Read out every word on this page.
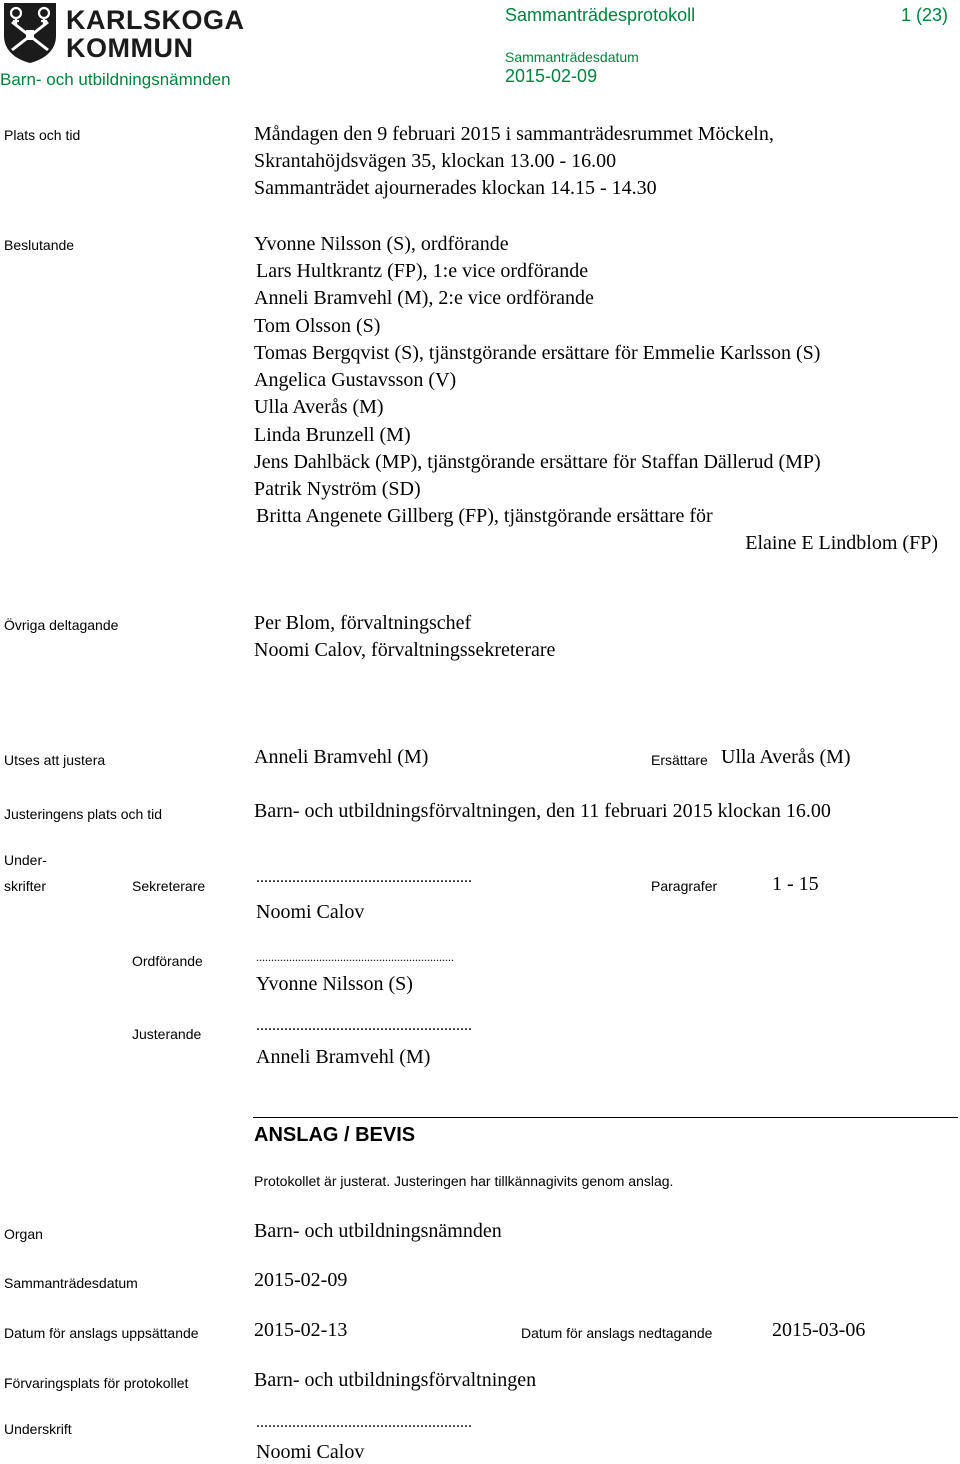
KARLSKOGA
KOMMUN
Barn- och utbildningsnämnden
Sammanträdesprotokoll	1 (23)
Sammanträdesdatum
2015-02-09
Plats och tid	Måndagen den 9 februari 2015 i sammanträdesrummet Möckeln,
Skrantahöjdsvägen 35, klockan 13.00 - 16.00
Sammanträdet ajournerades klockan 14.15 - 14.30
Beslutande	Yvonne Nilsson (S), ordförande
Lars Hultkrantz (FP), 1:e vice ordförande
Anneli Bramvehl (M), 2:e vice ordförande
Tom Olsson (S)
Tomas Bergqvist (S), tjänstgörande ersättare för Emmelie Karlsson (S)
Angelica Gustavsson (V)
Ulla Averås (M)
Linda Brunzell (M)
Jens Dahlbäck (MP), tjänstgörande ersättare för Staffan Dällerud (MP)
Patrik Nyström (SD)
Britta Angenete Gillberg (FP), tjänstgörande ersättare för
Elaine E Lindblom (FP)
Övriga deltagande	Per Blom, förvaltningschef
Noomi Calov, förvaltningssekreterare
Utses att justera	Anneli Bramvehl (M)	Ersättare Ulla Averås (M)
Justeringens plats och tid	Barn- och utbildningsförvaltningen, den 11 februari 2015 klockan 16.00
Under-
skrifter	Sekreterare	......................................................
Noomi Calov
Paragrafer	1 - 15
Ordförande	..................................................................
Yvonne Nilsson (S)
Justerande	......................................................
Anneli Bramvehl (M)
ANSLAG / BEVIS
Protokollet är justerat. Justeringen har tillkännagivits genom anslag.
Organ	Barn- och utbildningsnämnden
Sammanträdesdatum	2015-02-09
Datum för anslags uppsättande	2015-02-13	Datum för anslags nedtagande	2015-03-06
Förvaringsplats för protokollet	Barn- och utbildningsförvaltningen
Underskrift	......................................................
Noomi Calov
